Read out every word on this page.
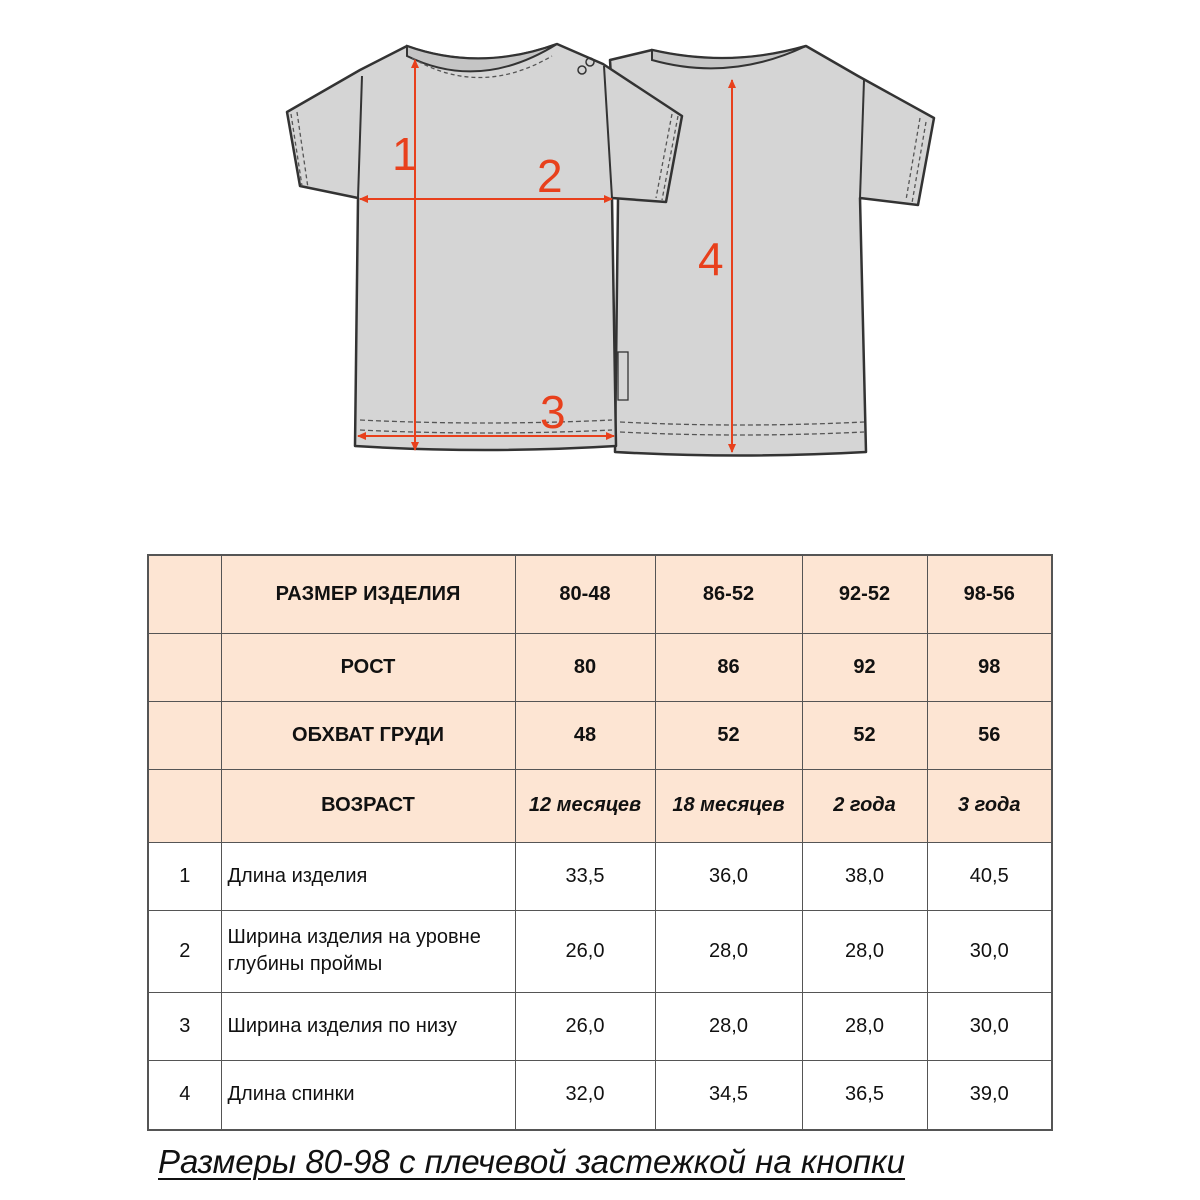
1	2
3
4
	РАЗМЕР ИЗДЕЛИЯ	80-48	86-52	92-52	98-56
	РОСТ	80	86	92	98
	ОБХВАТ ГРУДИ	48	52	52	56
	ВОЗРАСТ	12 месяцев	18 месяцев	2 года	3 года
1	Длина изделия	33,5	36,0	38,0	40,5
2	Ширина изделия на уровне глубины проймы	26,0	28,0	28,0	30,0
3	Ширина изделия по низу	26,0	28,0	28,0	30,0
4	Длина спинки	32,0	34,5	36,5	39,0
Размеры 80-98 с плечевой застежкой на кнопки
